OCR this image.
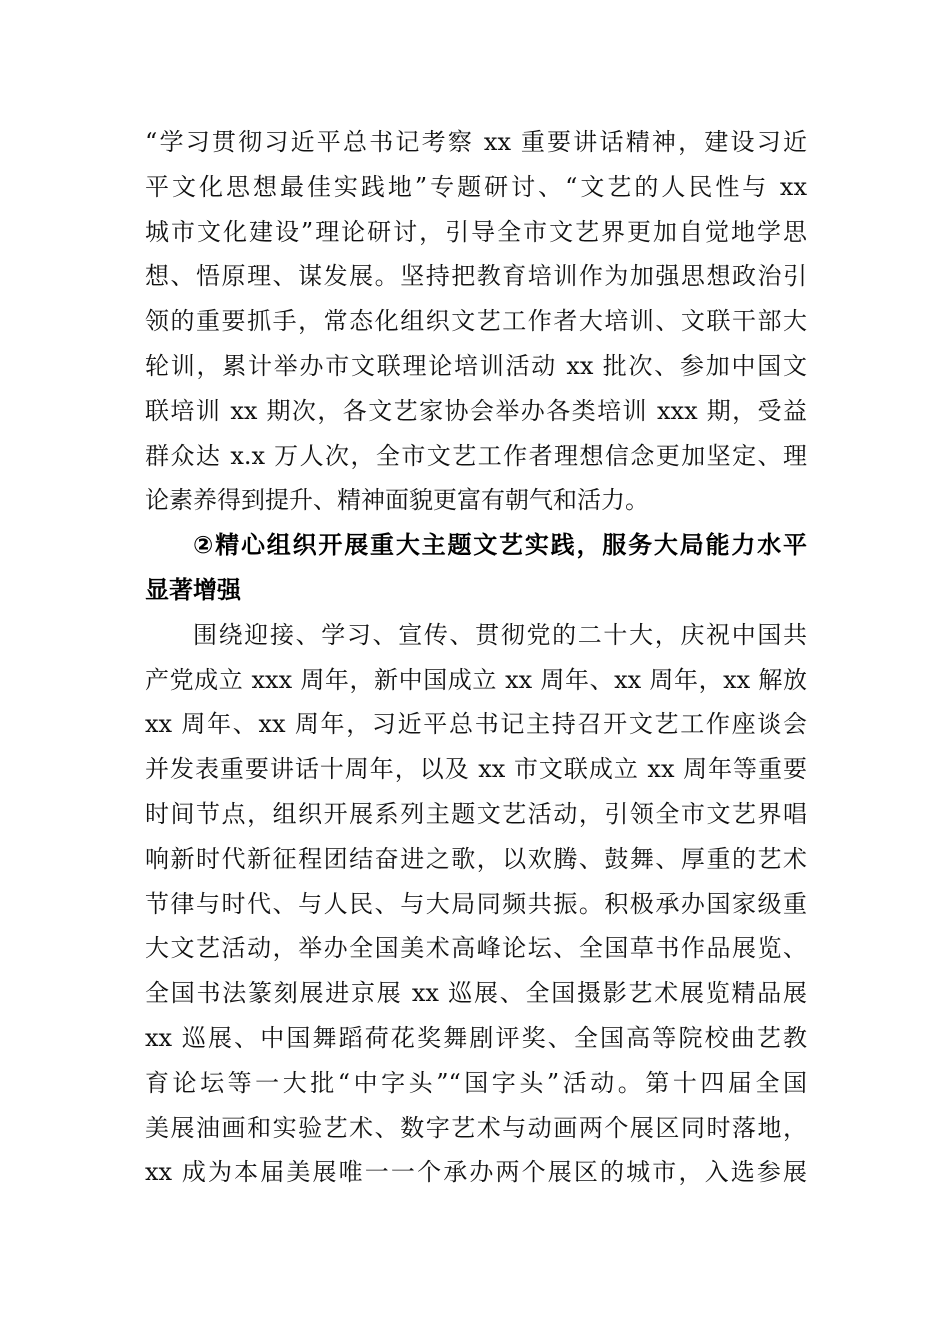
“学习贯彻习近平总书记考察 xx 重要讲话精神，建设习近
平文化思想最佳实践地”专题研讨、“文艺的人民性与 xx
城市文化建设”理论研讨，引导全市文艺界更加自觉地学思
想、悟原理、谋发展。坚持把教育培训作为加强思想政治引
领的重要抓手，常态化组织文艺工作者大培训、文联干部大
轮训，累计举办市文联理论培训活动 xx 批次、参加中国文
联培训 xx 期次，各文艺家协会举办各类培训 xxx 期，受益
群众达 x.x 万人次，全市文艺工作者理想信念更加坚定、理
论素养得到提升、精神面貌更富有朝气和活力。
②精心组织开展重大主题文艺实践，服务大局能力水平
显著增强
围绕迎接、学习、宣传、贯彻党的二十大，庆祝中国共
产党成立 xxx 周年，新中国成立 xx 周年、xx 周年，xx 解放
xx 周年、xx 周年，习近平总书记主持召开文艺工作座谈会
并发表重要讲话十周年，以及 xx 市文联成立 xx 周年等重要
时间节点，组织开展系列主题文艺活动，引领全市文艺界唱
响新时代新征程团结奋进之歌，以欢腾、鼓舞、厚重的艺术
节律与时代、与人民、与大局同频共振。积极承办国家级重
大文艺活动，举办全国美术高峰论坛、全国草书作品展览、
全国书法篆刻展进京展 xx 巡展、全国摄影艺术展览精品展
xx 巡展、中国舞蹈荷花奖舞剧评奖、全国高等院校曲艺教
育论坛等一大批“中字头”“国字头”活动。第十四届全国
美展油画和实验艺术、数字艺术与动画两个展区同时落地，
xx 成为本届美展唯一一个承办两个展区的城市，入选参展
